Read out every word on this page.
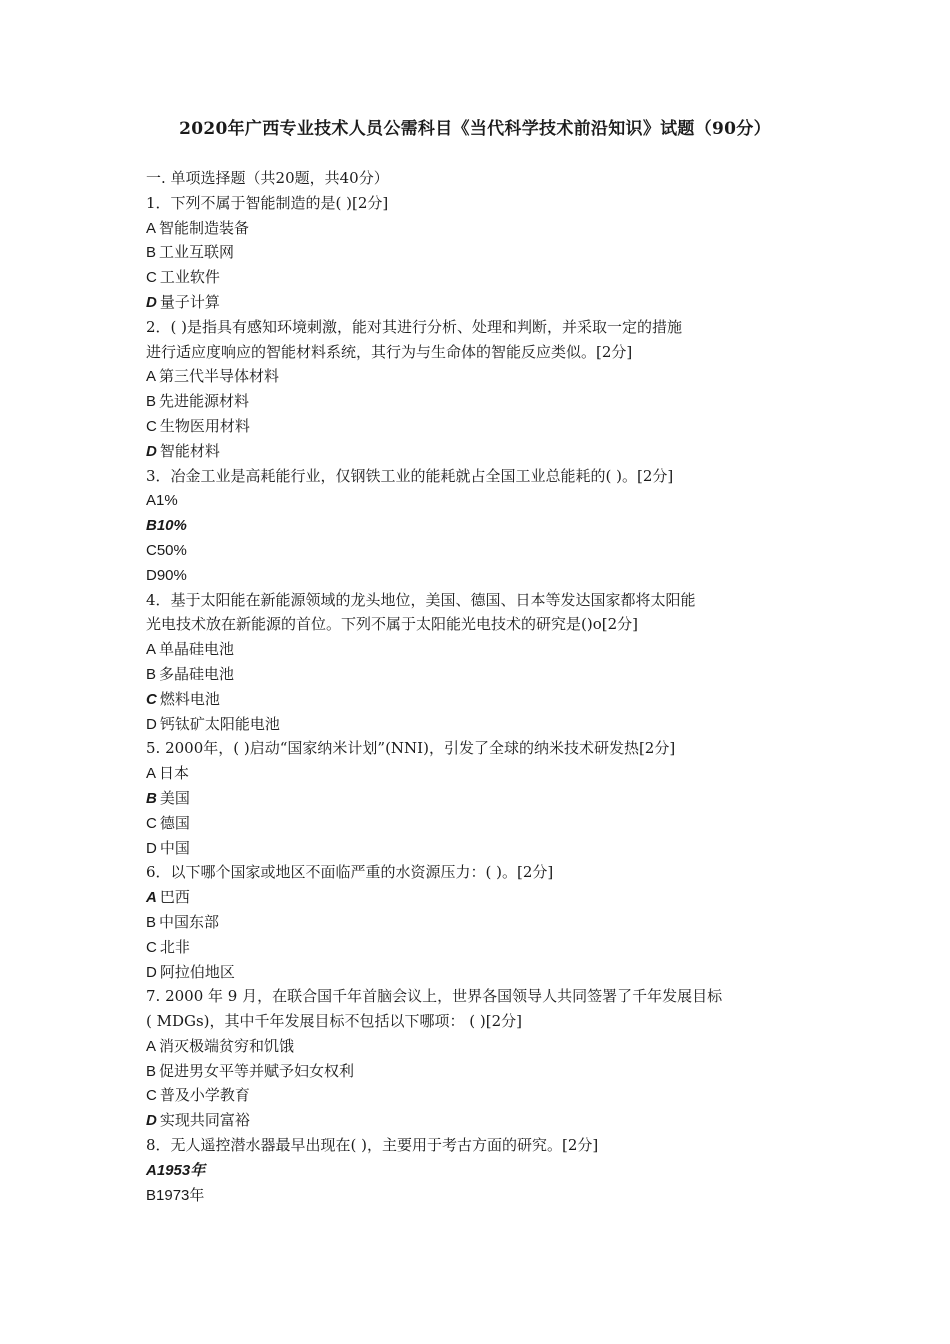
2020年广西专业技术人员公需科目《当代科学技术前沿知识》试题（90分）
一. 单项选择题（共20题，共40分）
1．下列不属于智能制造的是( )[2分]
A 智能制造装备
B 工业互联网
C 工业软件
D 量子计算
2．( )是指具有感知环境刺激，能对其进行分析、处理和判断，并采取一定的措施
进行适应度响应的智能材料系统，其行为与生命体的智能反应类似。[2分]
A 第三代半导体材料
B 先进能源材料
C 生物医用材料
D 智能材料
3．冶金工业是高耗能行业，仅钢铁工业的能耗就占全国工业总能耗的( )。[2分]
A1%
B10%
C50%
D90%
4．基于太阳能在新能源领域的龙头地位，美国、德国、日本等发达国家都将太阳能
光电技术放在新能源的首位。下列不属于太阳能光电技术的研究是()o[2分]
A 单晶硅电池
B 多晶硅电池
C 燃料电池
D 钙钛矿太阳能电池
5. 2000年，( )启动“国家纳米计划”(NNI)，引发了全球的纳米技术研发热[2分]
A 日本
B 美国
C 德国
D 中国
6．以下哪个国家或地区不面临严重的水资源压力：( )。[2分]
A 巴西
B 中国东部
C 北非
D 阿拉伯地区
7. 2000 年 9 月，在联合国千年首脑会议上，世界各国领导人共同签署了千年发展目标
( MDGs)，其中千年发展目标不包括以下哪项： ( )[2分]
A 消灭极端贫穷和饥饿
B 促进男女平等并赋予妇女权利
C 普及小学教育
D 实现共同富裕
8．无人遥控潜水器最早出现在( )，主要用于考古方面的研究。[2分]
A1953年
B1973年
